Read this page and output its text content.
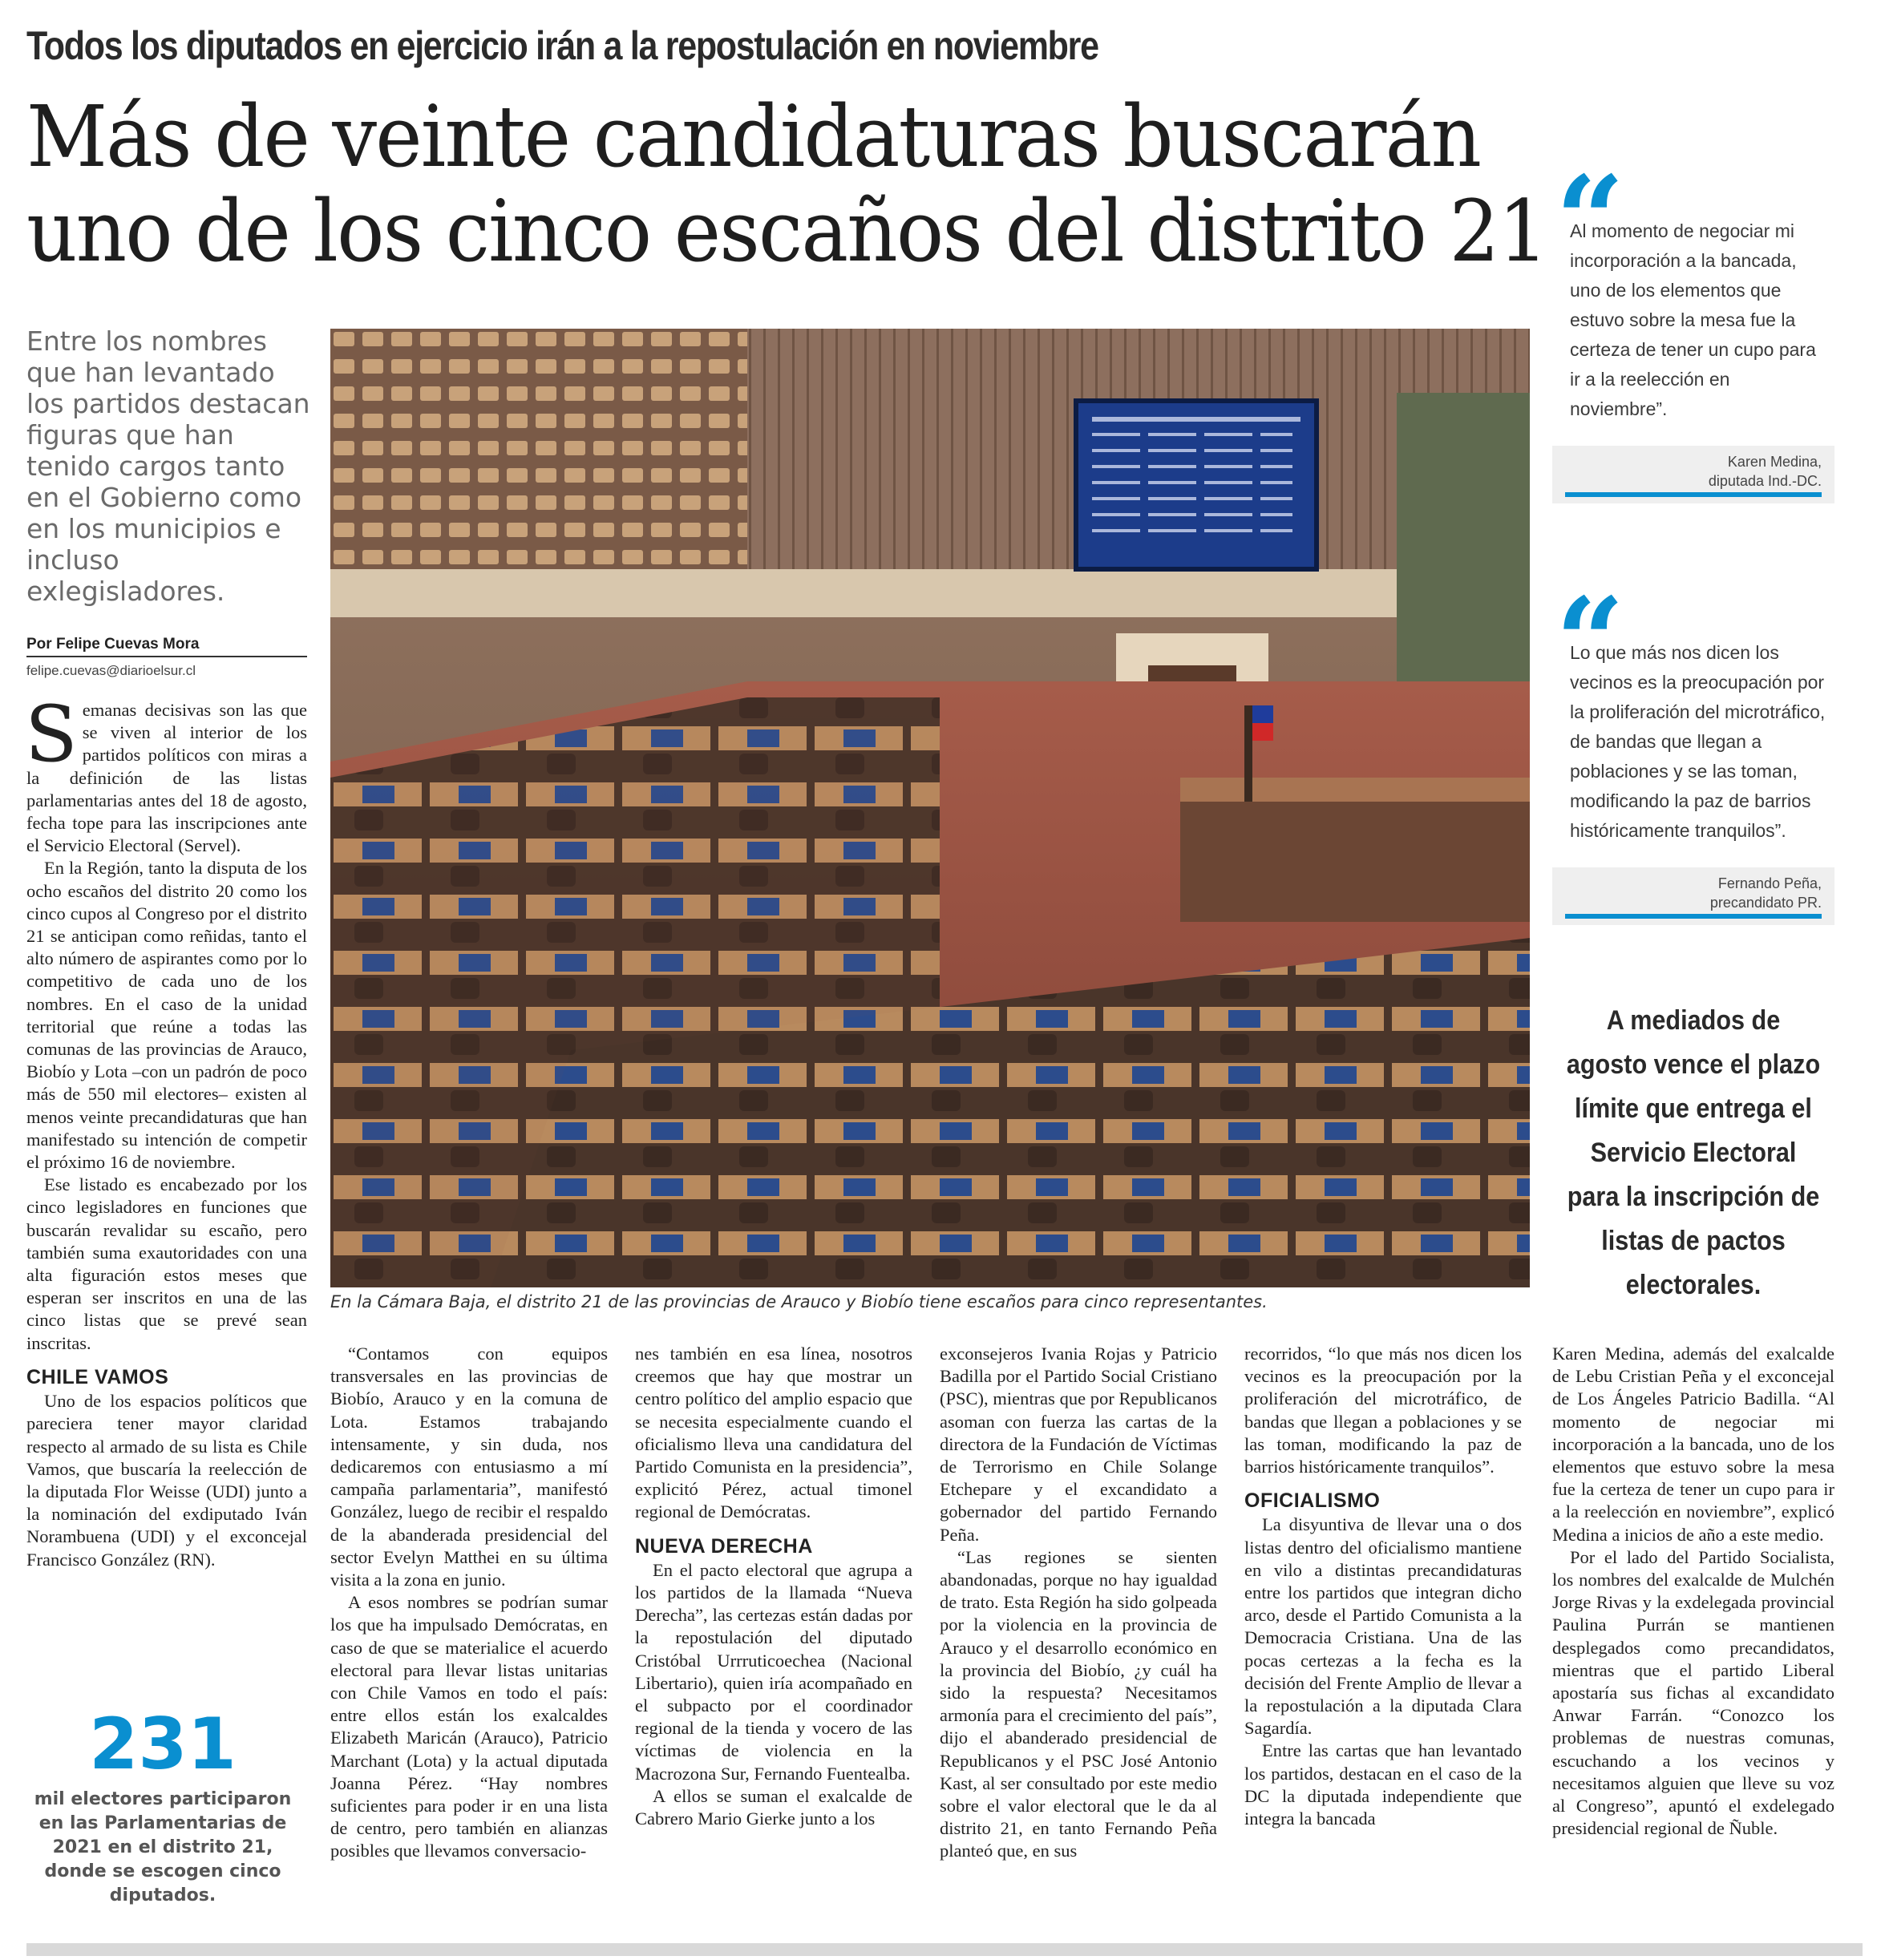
Todos los diputados en ejercicio irán a la repostulación en noviembre
Más de veinte candidaturas buscarán
uno de los cinco escaños del distrito 21
Entre los nombres que han levantado los partidos destacan figuras que han tenido cargos tanto en el Gobierno como en los municipios e incluso exlegisladores.
Por Felipe Cuevas Mora
felipe.cuevas@diarioelsur.cl
En la Cámara Baja, el distrito 21 de las provincias de Arauco y Biobío tiene escaños para cinco representantes.
“
Al momento de negociar mi incorporación a la bancada, uno de los elementos que estuvo sobre la mesa fue la certeza de tener un cupo para ir a la reelección en noviembre”.
Karen Medina,
diputada Ind.-DC.
“
Lo que más nos dicen los vecinos es la preocupación por la proliferación del microtráfico, de bandas que llegan a poblaciones y se las toman, modificando la paz de barrios históricamente tranquilos”.
Fernando Peña,
precandidato PR.
A mediados de agosto vence el plazo límite que entrega el Servicio Electoral para la inscripción de listas de pactos electorales.

Semanas decisivas son las que se viven al interior de los partidos políticos con miras a la definición de las listas parlamentarias antes del 18 de agosto, fecha tope para las inscripciones ante el Servicio Electoral (Servel).

En la Región, tanto la disputa de los ocho escaños del distrito 20 como los cinco cupos al Congreso por el distrito 21 se anticipan como reñidas, tanto el alto número de aspirantes como por lo competitivo de cada uno de los nombres. En el caso de la unidad territorial que reúne a todas las comunas de las provincias de Arauco, Biobío y Lota –con un padrón de poco más de 550 mil electores– existen al menos veinte precandidaturas que han manifestado su intención de competir el próximo 16 de noviembre.

Ese listado es encabezado por los cinco legisladores en funciones que buscarán revalidar su escaño, pero también suma exautoridades con una alta figuración estos meses que esperan ser inscritos en una de las cinco listas que se prevé sean inscritas.

CHILE VAMOS

Uno de los espacios políticos que pareciera tener mayor claridad respecto al armado de su lista es Chile Vamos, que buscaría la reelección de la diputada Flor Weisse (UDI) junto a la nominación del exdiputado Iván Norambuena (UDI) y el exconcejal Francisco González (RN).

231
mil electores participaron en las Parlamentarias de 2021 en el distrito 21, donde se escogen cinco diputados.

“Contamos con equipos transversales en las provincias de Biobío, Arauco y en la comuna de Lota. Estamos trabajando intensamente, y sin duda, nos dedicaremos con entusiasmo a mí campaña parlamentaria”, manifestó González, luego de recibir el respaldo de la abanderada presidencial del sector Evelyn Matthei en su última visita a la zona en junio.

A esos nombres se podrían sumar los que ha impulsado Demócratas, en caso de que se materialice el acuerdo electoral para llevar listas unitarias con Chile Vamos en todo el país: entre ellos están los exalcaldes Elizabeth Maricán (Arauco), Patricio Marchant (Lota) y la actual diputada Joanna Pérez. “Hay nombres suficientes para poder ir en una lista de centro, pero también en alianzas posibles que llevamos conversacio-

nes también en esa línea, nosotros creemos que hay que mostrar un centro político del amplio espacio que se necesita especialmente cuando el oficialismo lleva una candidatura del Partido Comunista en la presidencia”, explicitó Pérez, actual timonel regional de Demócratas.

NUEVA DERECHA

En el pacto electoral que agrupa a los partidos de la llamada “Nueva Derecha”, las certezas están dadas por la repostulación del diputado Cristóbal Urrruticoechea (Nacional Libertario), quien iría acompañado en el subpacto por el coordinador regional de la tienda y vocero de las víctimas de violencia en la Macrozona Sur, Fernando Fuentealba.

A ellos se suman el exalcalde de Cabrero Mario Gierke junto a los

exconsejeros Ivania Rojas y Patricio Badilla por el Partido Social Cristiano (PSC), mientras que por Republicanos asoman con fuerza las cartas de la directora de la Fundación de Víctimas de Terrorismo en Chile Solange Etchepare y el excandidato a gobernador del partido Fernando Peña.

“Las regiones se sienten abandonadas, porque no hay igualdad de trato. Esta Región ha sido golpeada por la violencia en la provincia de Arauco y el desarrollo económico en la provincia del Biobío, ¿y cuál ha sido la respuesta? Necesitamos armonía para el crecimiento del país”, dijo el abanderado presidencial de Republicanos y el PSC José Antonio Kast, al ser consultado por este medio sobre el valor electoral que le da al distrito 21, en tanto Fernando Peña planteó que, en sus

recorridos, “lo que más nos dicen los vecinos es la preocupación por la proliferación del microtráfico, de bandas que llegan a poblaciones y se las toman, modificando la paz de barrios históricamente tranquilos”.

OFICIALISMO

La disyuntiva de llevar una o dos listas dentro del oficialismo mantiene en vilo a distintas precandidaturas entre los partidos que integran dicho arco, desde el Partido Comunista a la Democracia Cristiana. Una de las pocas certezas a la fecha es la decisión del Frente Amplio de llevar a la repostulación a la diputada Clara Sagardía.

Entre las cartas que han levantado los partidos, destacan en el caso de la DC la diputada independiente que integra la bancada

Karen Medina, además del exalcalde de Lebu Cristian Peña y el exconcejal de Los Ángeles Patricio Badilla. “Al momento de negociar mi incorporación a la bancada, uno de los elementos que estuvo sobre la mesa fue la certeza de tener un cupo para ir a la reelección en noviembre”, explicó Medina a inicios de año a este medio.

Por el lado del Partido Socialista, los nombres del exalcalde de Mulchén Jorge Rivas y la exdelegada provincial Paulina Purrán se mantienen desplegados como precandidatos, mientras que el partido Liberal apostaría sus fichas al excandidato Anwar Farrán. “Conozco los problemas de nuestras comunas, escuchando a los vecinos y necesitamos alguien que lleve su voz al Congreso”, apuntó el exdelegado presidencial regional de Ñuble.
